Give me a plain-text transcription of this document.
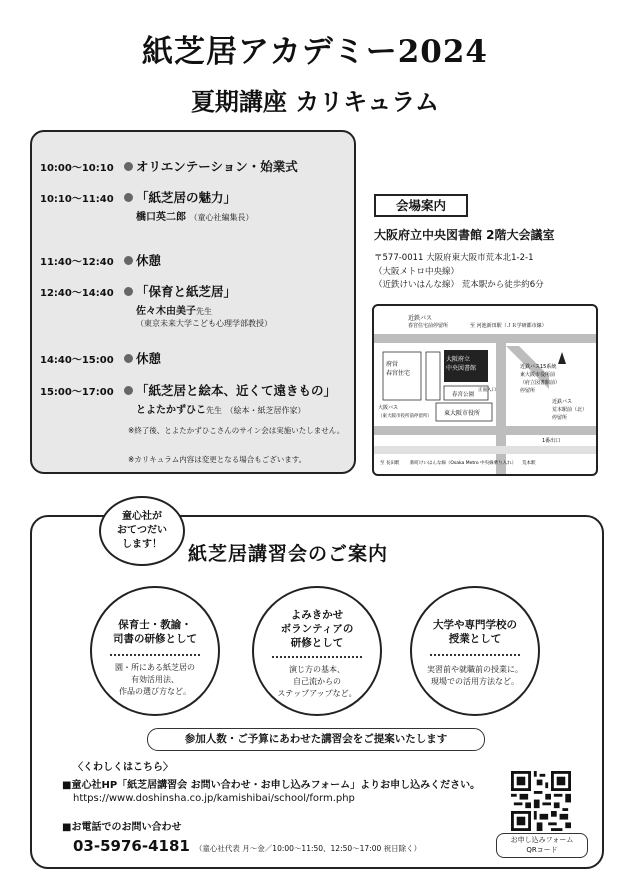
紙芝居アカデミー2024
夏期講座 カリキュラム
10:00〜10:10	オリエンテーション・始業式
10:10〜11:40	「紙芝居の魅力」
橋口英二郎 （童心社編集長）
11:40〜12:40	休憩
12:40〜14:40	「保育と紙芝居」
佐々木由美子先生
（東京未来大学こども心理学部教授）
14:40〜15:00	休憩
15:00〜17:00	「紙芝居と絵本、近くて遠きもの」
とよたかずひこ先生 （絵本・紙芝居作家）
※終了後、とよたかずひこさんのサイン会は実施いたしません。
※カリキュラム内容は変更となる場合もございます。
会場案内
大阪府立中央図書館 2階大会議室
〒577-0011 大阪府東大阪市荒本北1-2-1
（大阪メトロ中央線）
（近鉄けいはんな線） 荒本駅から徒歩約6分
近鉄バス
春宮住宅前停留所	至 河池新田駅（ＪＲ学研都市線）
大阪府立
中央図書館
府営
春宮住宅
春宮公園
東大阪市役所
近鉄バス15系統
東大阪市役所前
（府立図書館前）
停留所
近鉄バス
荒本駅前（北）
停留所
大阪バス
（東大阪市役所前停留所）
正面入口
1番出口
至 長田駅 　　新町けいはんな線（Osaka Metro 中央線乗り入れ） 　荒本駅
童心社が
おてつだい
します！	紙芝居講習会のご案内
保育士・教諭・
司書の研修として
園・所にある紙芝居の
有効活用法、
作品の選び方など。
よみきかせ
ボランティアの
研修として
演じ方の基本、
自己流からの
ステップアップなど。
大学や専門学校の
授業として
実習前や就職前の授業に。
現場での活用方法など。
参加人数・ご予算にあわせた講習会をご提案いたします
〈くわしくはこちら〉
■童心社HP「紙芝居講習会 お問い合わせ・お申し込みフォーム」よりお申し込みください。
https://www.doshinsha.co.jp/kamishibai/school/form.php
■お電話でのお問い合わせ
03-5976-4181 （童心社代表 月〜金／10:00〜11:50、12:50〜17:00 祝日除く）
お申し込みフォーム
QRコード
